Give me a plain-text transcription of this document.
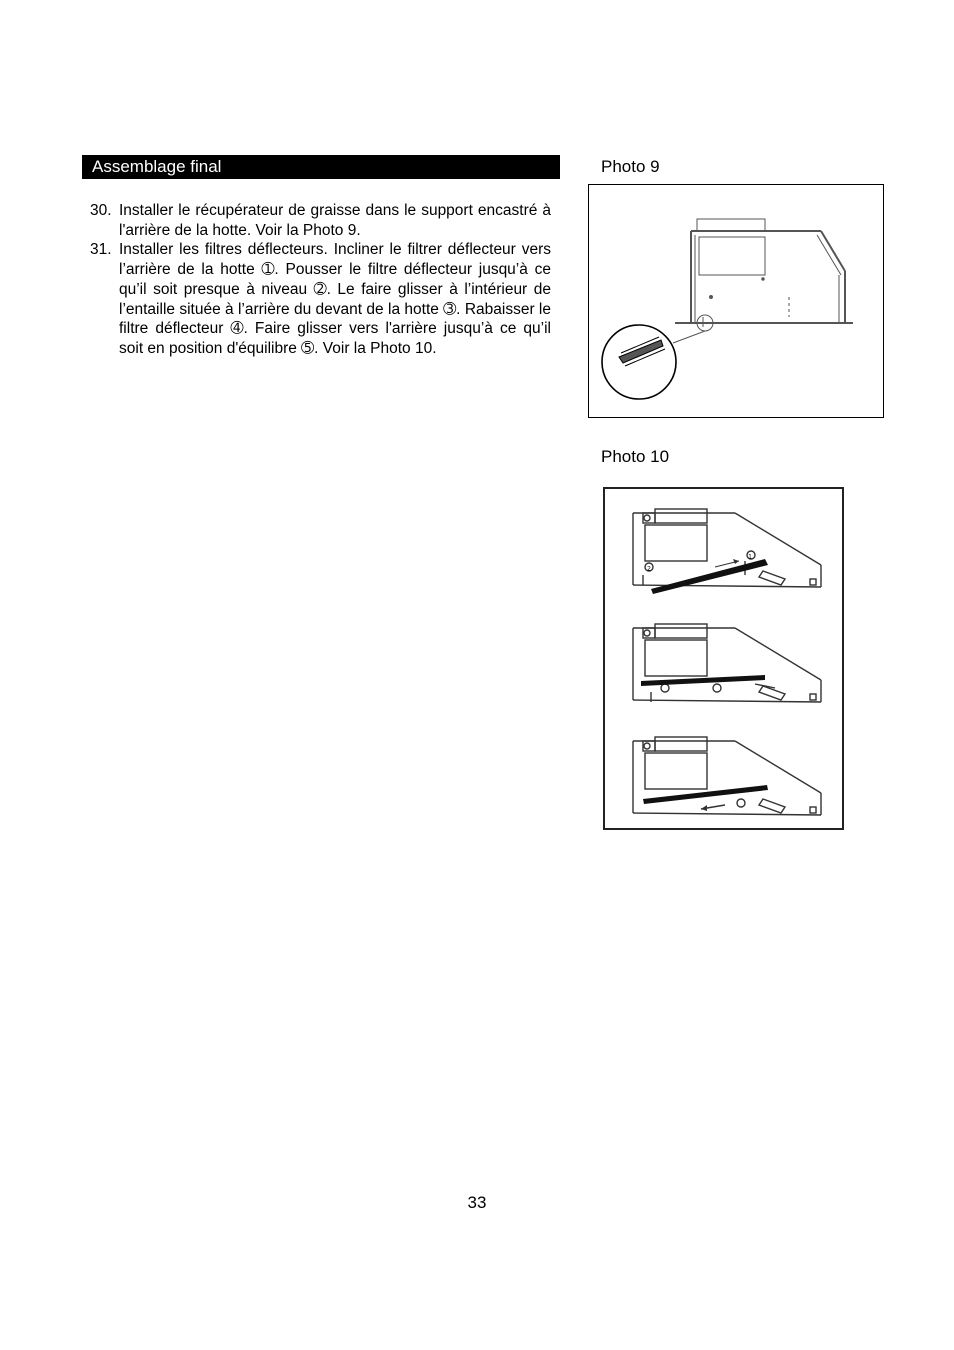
Assemblage final
30. Installer le récupérateur de graisse dans le support encastré à l'arrière de la hotte. Voir la Photo 9.
31. Installer les filtres déflecteurs. Incliner le filtrer déflecteur vers l’arrière de la hotte ➀. Pousser le filtre déflecteur jusqu’à ce qu’il soit presque à niveau ➁. Le faire glisser à l’intérieur de l’entaille située à l’arrière du devant de la hotte ➂. Rabaisser le filtre déflecteur ➃. Faire glisser vers l'arrière jusqu’à ce qu’il soit en position d'équilibre ➄. Voir la Photo 10.
Photo 9
Photo 10
1
2
33
